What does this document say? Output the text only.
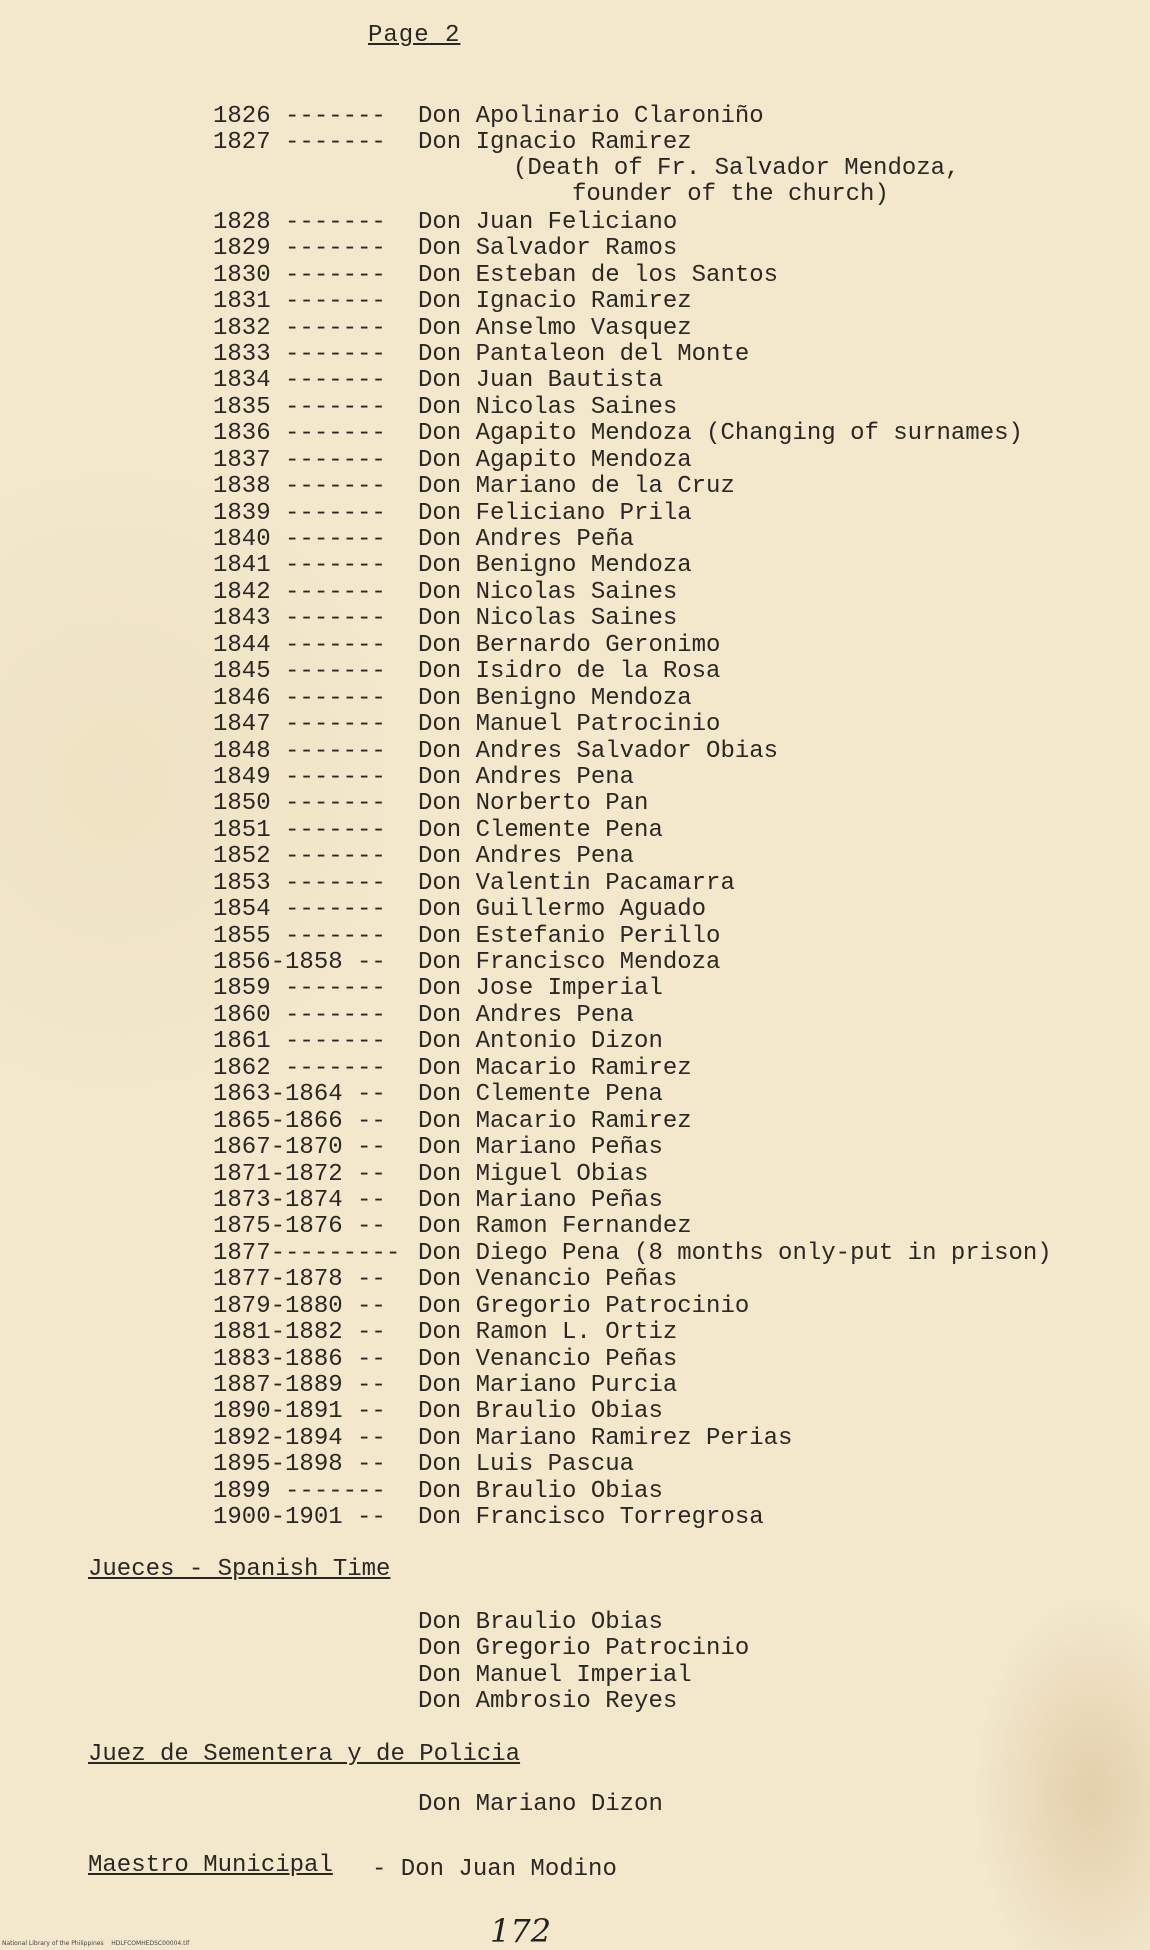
Page 2
1826 ------- Don Apolinario Claroniño
1827 ------- Don Ignacio Ramirez
1828 ------- Don Juan Feliciano
1829 ------- Don Salvador Ramos
1830 ------- Don Esteban de los Santos
1831 ------- Don Ignacio Ramirez
1832 ------- Don Anselmo Vasquez
1833 ------- Don Pantaleon del Monte
1834 ------- Don Juan Bautista
1835 ------- Don Nicolas Saines
1836 ------- Don Agapito Mendoza (Changing of surnames)
1837 ------- Don Agapito Mendoza
1838 ------- Don Mariano de la Cruz
1839 ------- Don Feliciano Prila
1840 ------- Don Andres Peña
1841 ------- Don Benigno Mendoza
1842 ------- Don Nicolas Saines
1843 ------- Don Nicolas Saines
1844 ------- Don Bernardo Geronimo
1845 ------- Don Isidro de la Rosa
1846 ------- Don Benigno Mendoza
1847 ------- Don Manuel Patrocinio
1848 ------- Don Andres Salvador Obias
1849 ------- Don Andres Pena
1850 ------- Don Norberto Pan
1851 ------- Don Clemente Pena
1852 ------- Don Andres Pena
1853 ------- Don Valentin Pacamarra
1854 ------- Don Guillermo Aguado
1855 ------- Don Estefanio Perillo
1856-1858 -- Don Francisco Mendoza
1859 ------- Don Jose Imperial
1860 ------- Don Andres Pena
1861 ------- Don Antonio Dizon
1862 ------- Don Macario Ramirez
1863-1864 -- Don Clemente Pena
1865-1866 -- Don Macario Ramirez
1867-1870 -- Don Mariano Peñas
1871-1872 -- Don Miguel Obias
1873-1874 -- Don Mariano Peñas
1875-1876 -- Don Ramon Fernandez
1877--------- Don Diego Pena (8 months only-put in prison)
1877-1878 -- Don Venancio Peñas
1879-1880 -- Don Gregorio Patrocinio
1881-1882 -- Don Ramon L. Ortiz
1883-1886 -- Don Venancio Peñas
1887-1889 -- Don Mariano Purcia
1890-1891 -- Don Braulio Obias
1892-1894 -- Don Mariano Ramirez Perias
1895-1898 -- Don Luis Pascua
1899 ------- Don Braulio Obias
1900-1901 -- Don Francisco Torregrosa
(Death of Fr. Salvador Mendoza,
founder of the church)
Jueces - Spanish Time
Don Braulio Obias
Don Gregorio Patrocinio
Don Manuel Imperial
Don Ambrosio Reyes
Juez de Sementera y de Policia
Don Mariano Dizon
Maestro Municipal - Don Juan Modino
National Library of the Philippines    HDLFCOMHEDSC00004.tif	172
